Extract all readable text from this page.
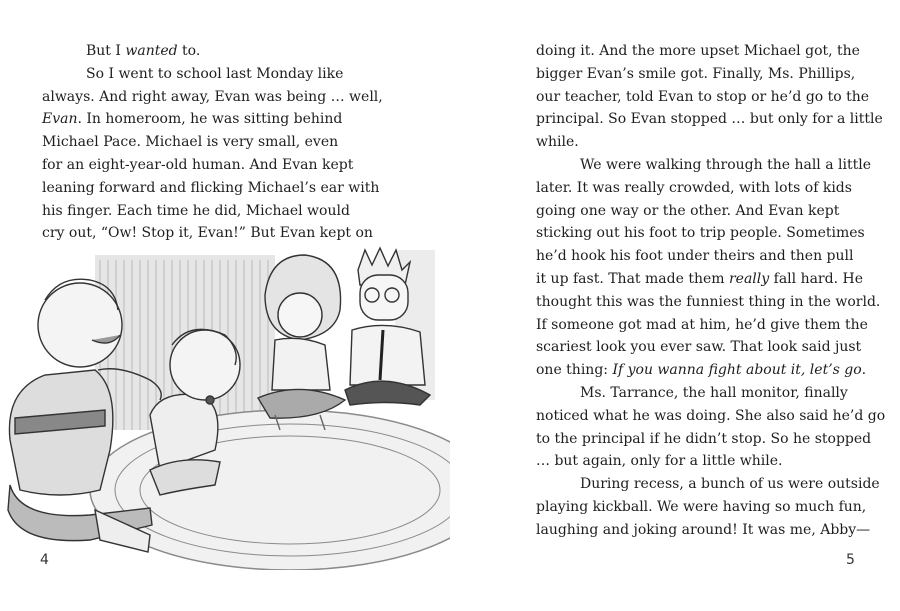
But I wanted to.
So I went to school last Monday like
always. And right away, Evan was being … well,
Evan. In homeroom, he was sitting behind
Michael Pace. Michael is very small, even
for an eight-year-old human. And Evan kept
leaning forward and flicking Michael’s ear with
his finger. Each time he did, Michael would
cry out, “Ow! Stop it, Evan!” But Evan kept on
4
doing it. And the more upset Michael got, the
bigger Evan’s smile got. Finally, Ms. Phillips,
our teacher, told Evan to stop or he’d go to the
principal. So Evan stopped … but only for a little
while.
We were walking through the hall a little
later. It was really crowded, with lots of kids
going one way or the other. And Evan kept
sticking out his foot to trip people. Sometimes
he’d hook his foot under theirs and then pull
it up fast. That made them really fall hard. He
thought this was the funniest thing in the world.
If someone got mad at him, he’d give them the
scariest look you ever saw. That look said just
one thing: If you wanna fight about it, let’s go.
Ms. Tarrance, the hall monitor, finally
noticed what he was doing. She also said he’d go
to the principal if he didn’t stop. So he stopped
… but again, only for a little while.
During recess, a bunch of us were outside
playing kickball. We were having so much fun,
laughing and joking around! It was me, Abby—
5
